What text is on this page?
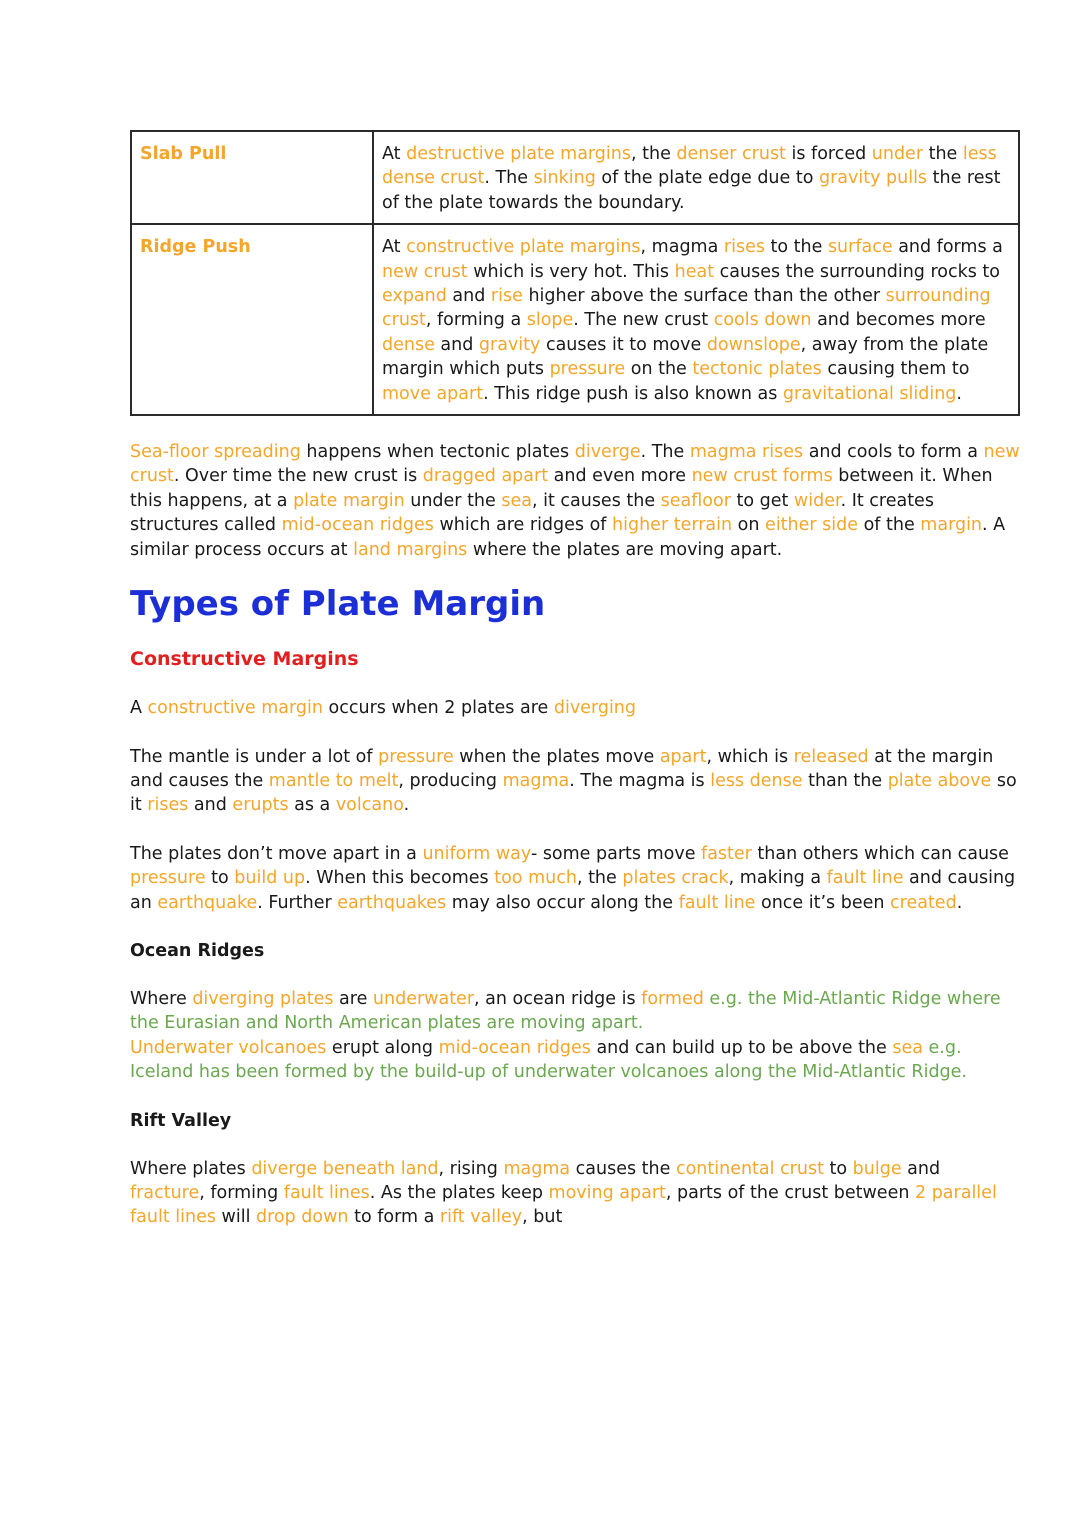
Slab Pull	At destructive plate margins, the denser crust is forced under the less dense crust. The sinking of the plate edge due to gravity pulls the rest of the plate towards the boundary.
Ridge Push	At constructive plate margins, magma rises to the surface and forms a new crust which is very hot. This heat causes the surrounding rocks to expand and rise higher above the surface than the other surrounding crust, forming a slope. The new crust cools down and becomes more dense and gravity causes it to move downslope, away from the plate margin which puts pressure on the tectonic plates causing them to move apart. This ridge push is also known as gravitational sliding.

Sea-floor spreading happens when tectonic plates diverge. The magma rises and cools to form a new crust. Over time the new crust is dragged apart and even more new crust forms between it. When this happens, at a plate margin under the sea, it causes the seafloor to get wider. It creates structures called mid-ocean ridges which are ridges of higher terrain on either side of the margin. A similar process occurs at land margins where the plates are moving apart.

Types of Plate Margin
Constructive Margins

A constructive margin occurs when 2 plates are diverging

The mantle is under a lot of pressure when the plates move apart, which is released at the margin and causes the mantle to melt, producing magma. The magma is less dense than the plate above so it rises and erupts as a volcano.

The plates don’t move apart in a uniform way- some parts move faster than others which can cause pressure to build up. When this becomes too much, the plates crack, making a fault line and causing an earthquake. Further earthquakes may also occur along the fault line once it’s been created.

Ocean Ridges

Where diverging plates are underwater, an ocean ridge is formed e.g. the Mid-Atlantic Ridge where the Eurasian and North American plates are moving apart.

Underwater volcanoes erupt along mid-ocean ridges and can build up to be above the sea e.g. Iceland has been formed by the build-up of underwater volcanoes along the Mid-Atlantic Ridge.

Rift Valley

Where plates diverge beneath land, rising magma causes the continental crust to bulge and fracture, forming fault lines. As the plates keep moving apart, parts of the crust between 2 parallel fault lines will drop down to form a rift valley, but
